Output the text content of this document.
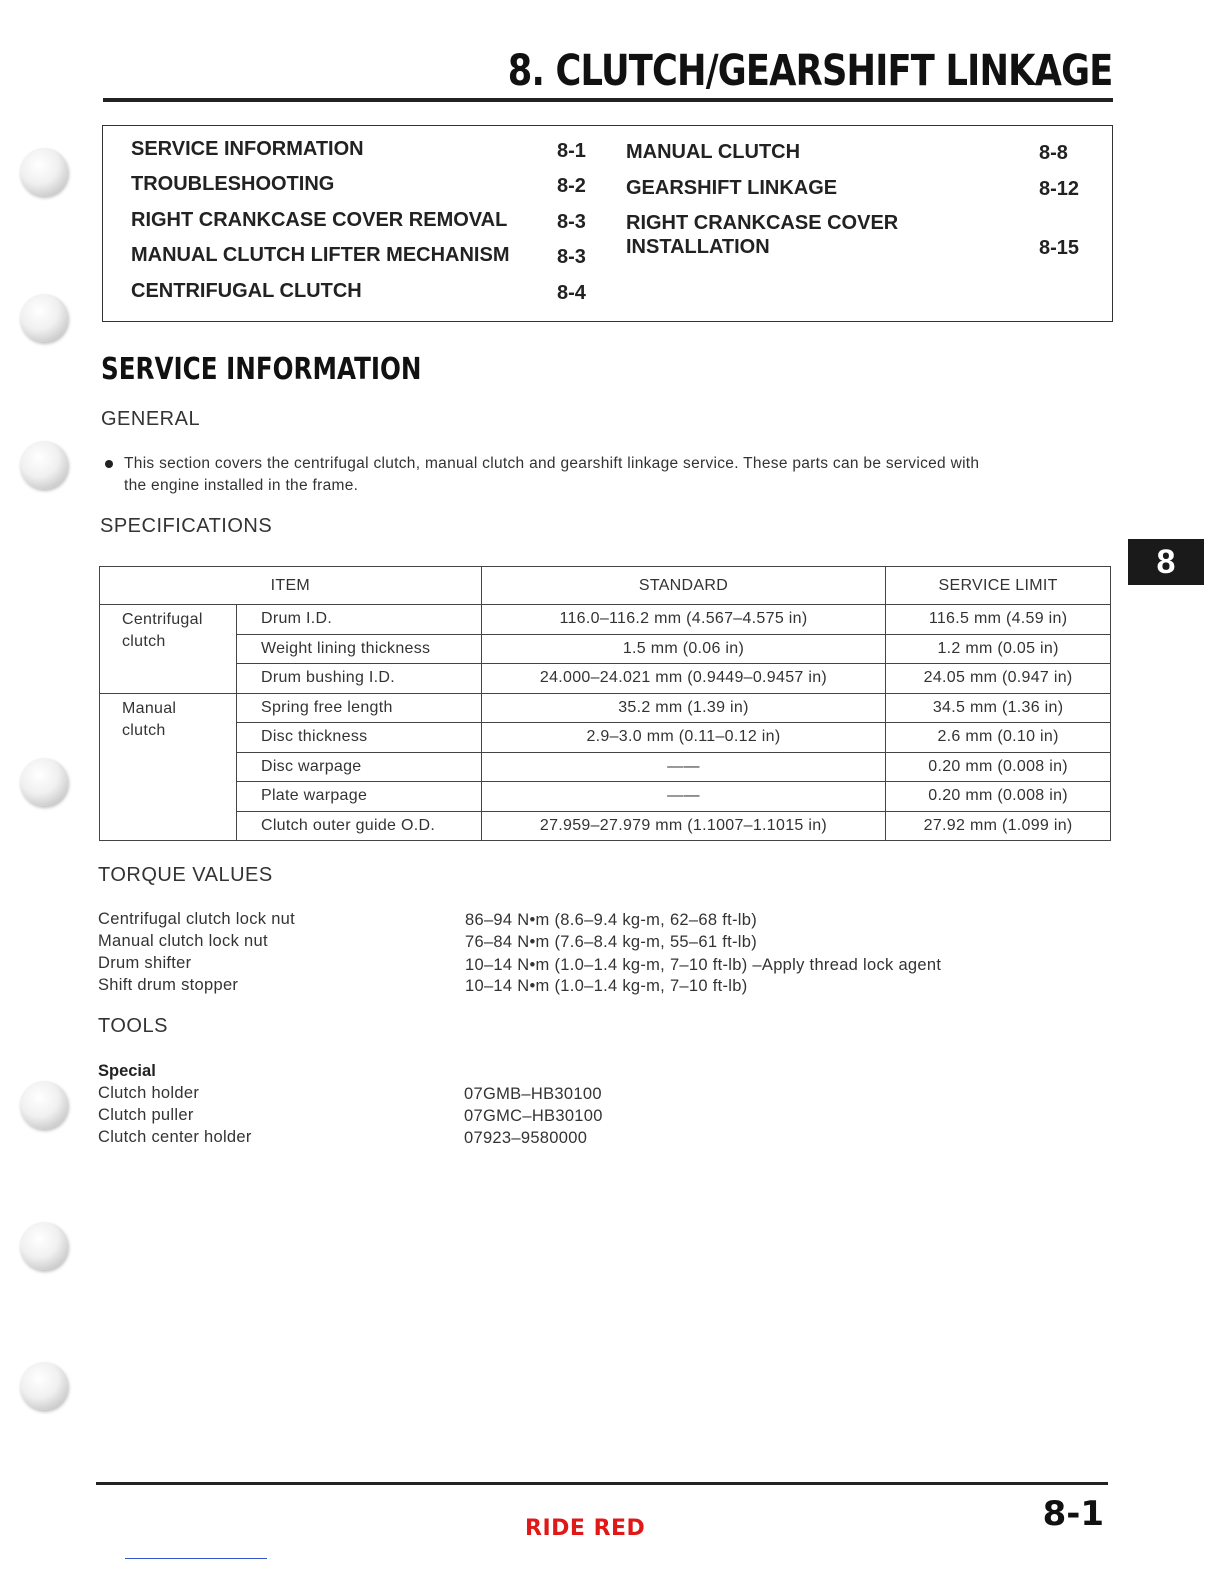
8. CLUTCH/GEARSHIFT LINKAGE
SERVICE INFORMATION	8-1
TROUBLESHOOTING	8-2
RIGHT CRANKCASE COVER REMOVAL 8-3
MANUAL CLUTCH LIFTER MECHANISM 8-3
CENTRIFUGAL CLUTCH	8-4
MANUAL CLUTCH	8-8
GEARSHIFT LINKAGE	8-12
RIGHT CRANKCASE COVER
INSTALLATION	8-15
SERVICE INFORMATION
GENERAL
This section covers the centrifugal clutch, manual clutch and gearshift linkage service. These parts can be serviced with
the engine installed in the frame.
8
SPECIFICATIONS
ITEM		STANDARD	SERVICE LIMIT
Centrifugal
clutch	Drum I.D.	116.0–116.2 mm (4.567–4.575 in)	116.5 mm (4.59 in)
	Weight lining thickness	1.5 mm (0.06 in)	1.2 mm (0.05 in)
	Drum bushing I.D.	24.000–24.021 mm (0.9449–0.9457 in)	24.05 mm (0.947 in)
Manual
clutch	Spring free length	35.2 mm (1.39 in)	34.5 mm (1.36 in)
	Disc thickness	2.9–3.0 mm (0.11–0.12 in)	2.6 mm (0.10 in)
	Disc warpage	——	0.20 mm (0.008 in)
	Plate warpage	——	0.20 mm (0.008 in)
	Clutch outer guide O.D.	27.959–27.979 mm (1.1007–1.1015 in)	27.92 mm (1.099 in)
TORQUE VALUES
Centrifugal clutch lock nut	86–94 N•m (8.6–9.4 kg-m, 62–68 ft-lb)
Manual clutch lock nut	76–84 N•m (7.6–8.4 kg-m, 55–61 ft-lb)
Drum shifter	10–14 N•m (1.0–1.4 kg-m, 7–10 ft-lb) –Apply thread lock agent
Shift drum stopper	10–14 N•m (1.0–1.4 kg-m, 7–10 ft-lb)
TOOLS
Special
Clutch holder	07GMB–HB30100
Clutch puller	07GMC–HB30100
Clutch center holder	07923–9580000
RIDE RED	8-1
